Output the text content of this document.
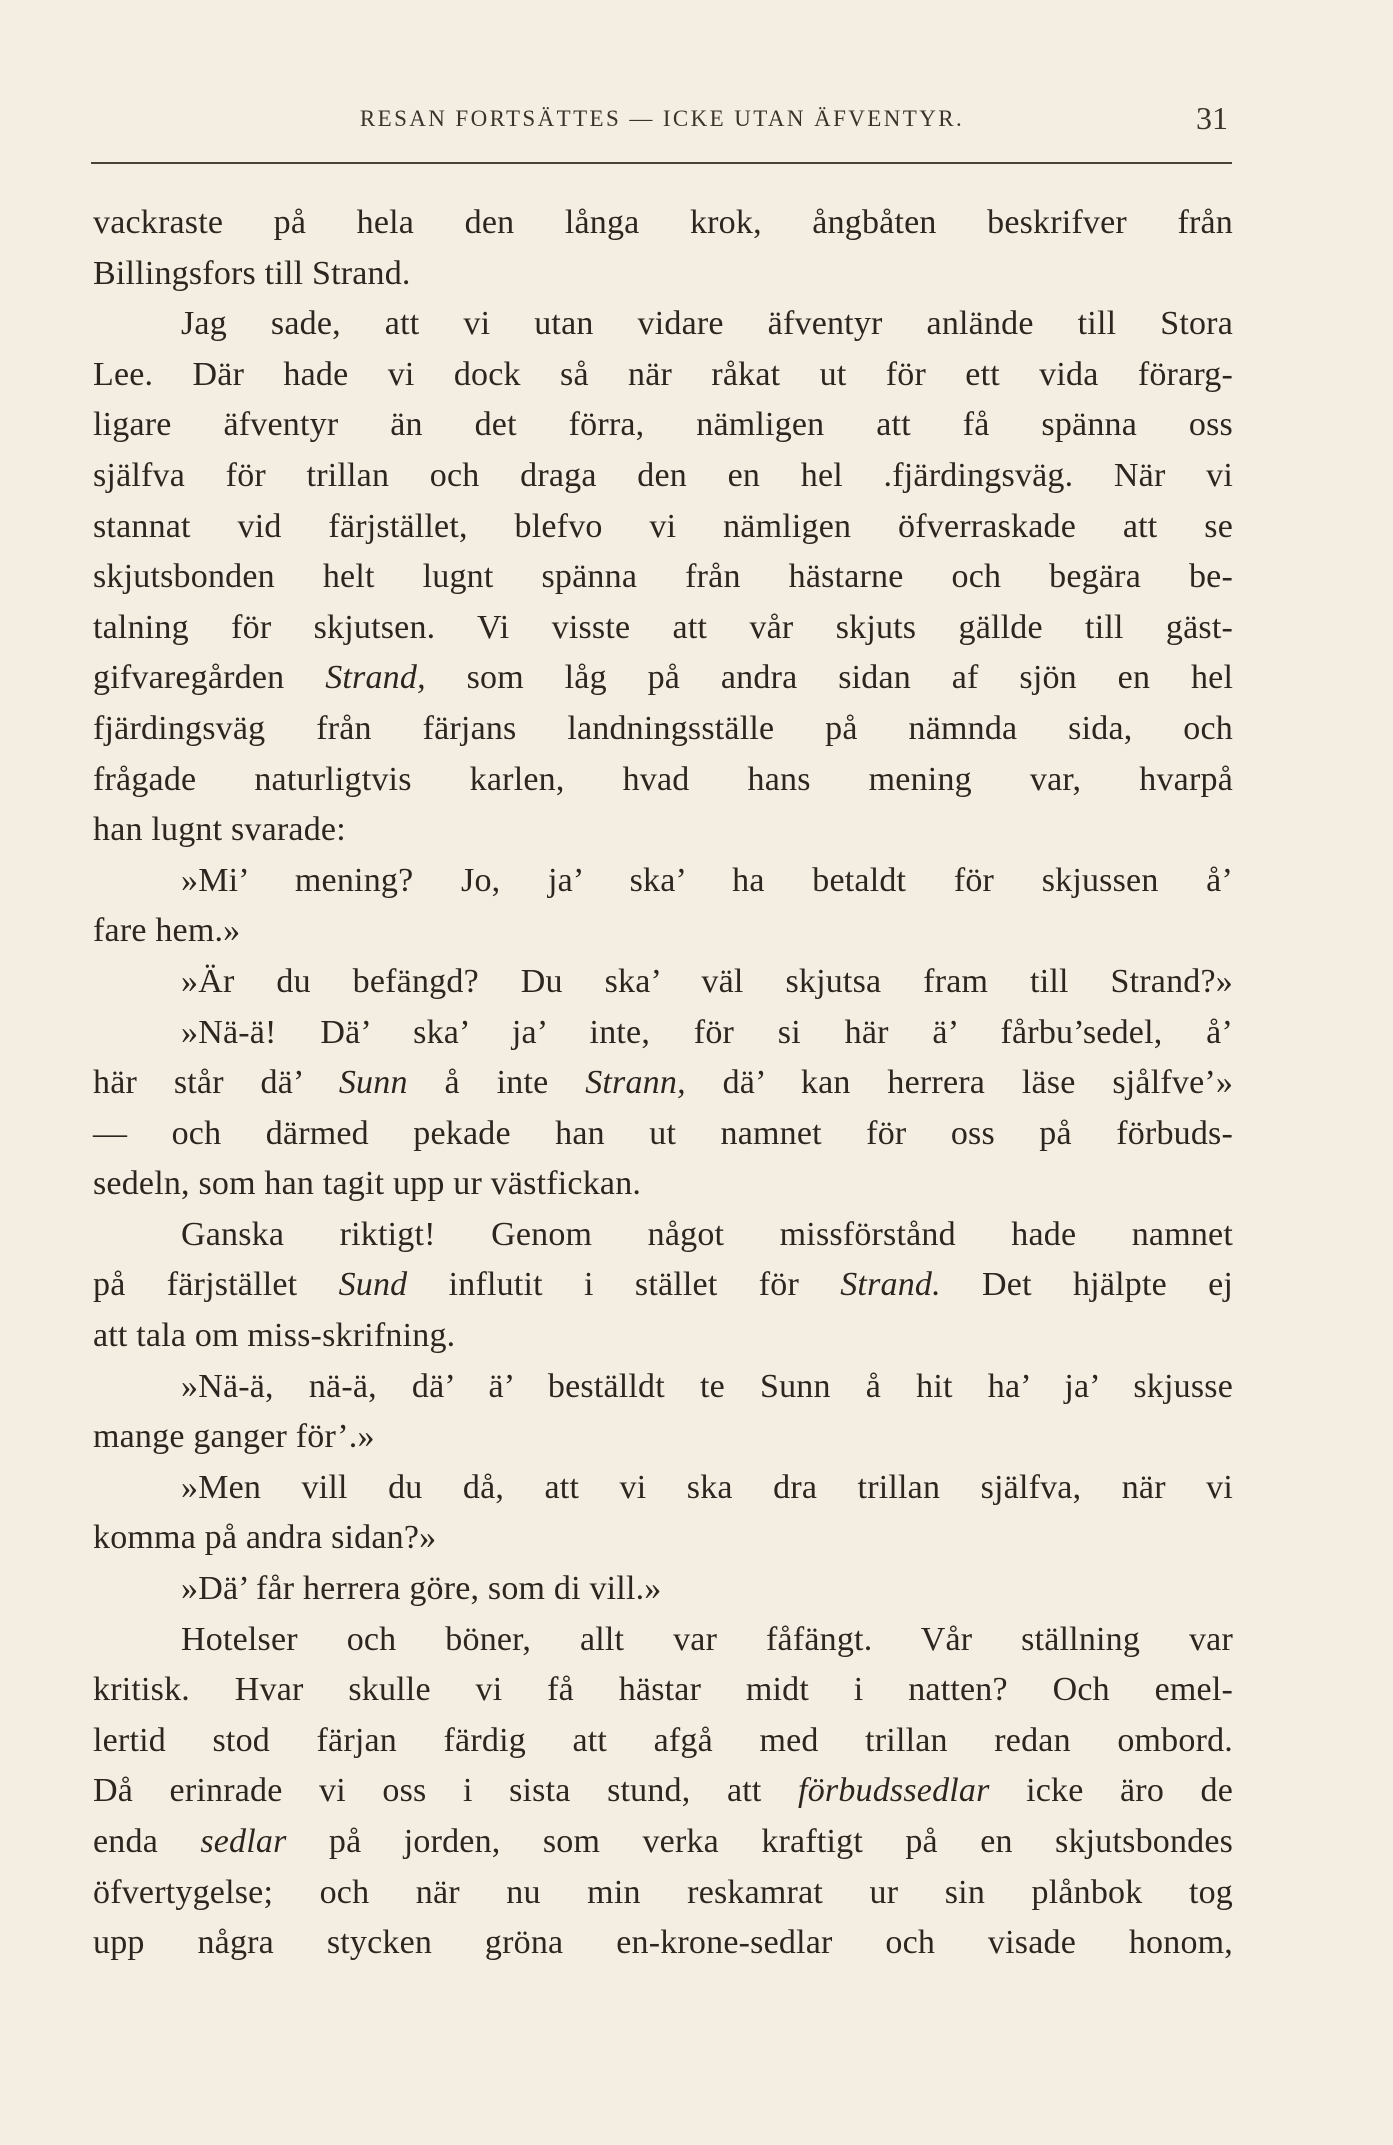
RESAN FORTSÄTTES — ICKE UTAN ÄFVENTYR.	31
vackraste på hela den långa krok, ångbåten beskrifver från
Billingsfors till Strand.
Jag sade, att vi utan vidare äfventyr anlände till Stora
Lee. Där hade vi dock så när råkat ut för ett vida förarg-
ligare äfventyr än det förra, nämligen att få spänna oss
själfva för trillan och draga den en hel .fjärdingsväg. När vi
stannat vid färjstället, blefvo vi nämligen öfverraskade att se
skjutsbonden helt lugnt spänna från hästarne och begära be-
talning för skjutsen. Vi visste att vår skjuts gällde till gäst-
gifvaregården Strand, som låg på andra sidan af sjön en hel
fjärdingsväg från färjans landningsställe på nämnda sida, och
frågade naturligtvis karlen, hvad hans mening var, hvarpå
han lugnt svarade:
»Mi’ mening? Jo, ja’ ska’ ha betaldt för skjussen å’
fare hem.»
»Är du befängd? Du ska’ väl skjutsa fram till Strand?»
»Nä-ä! Dä’ ska’ ja’ inte, för si här ä’ fårbu’sedel, å’
här står dä’ Sunn å inte Strann, dä’ kan herrera läse sjålfve’»
— och därmed pekade han ut namnet för oss på förbuds-
sedeln, som han tagit upp ur västfickan.
Ganska riktigt! Genom något missförstånd hade namnet
på färjstället Sund influtit i stället för Strand. Det hjälpte ej
att tala om miss-skrifning.
»Nä-ä, nä-ä, dä’ ä’ beställdt te Sunn å hit ha’ ja’ skjusse
mange ganger för’.»
»Men vill du då, att vi ska dra trillan själfva, när vi
komma på andra sidan?»
»Dä’ får herrera göre, som di vill.»
Hotelser och böner, allt var fåfängt. Vår ställning var
kritisk. Hvar skulle vi få hästar midt i natten? Och emel-
lertid stod färjan färdig att afgå med trillan redan ombord.
Då erinrade vi oss i sista stund, att förbudssedlar icke äro de
enda sedlar på jorden, som verka kraftigt på en skjutsbondes
öfvertygelse; och när nu min reskamrat ur sin plånbok tog
upp några stycken gröna en-krone-sedlar och visade honom,
